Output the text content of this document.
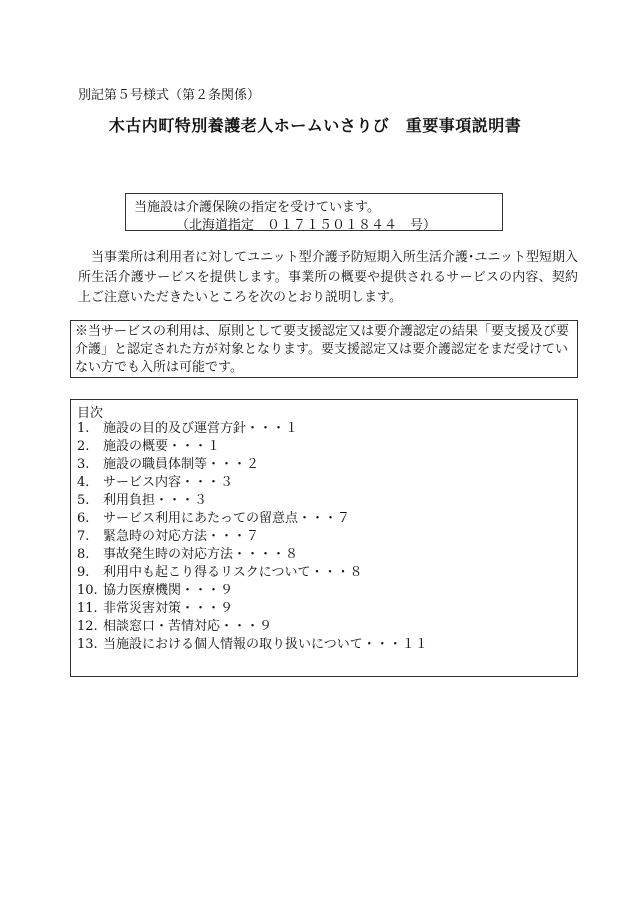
別記第５号様式（第２条関係）
木古内町特別養護老人ホームいさりび　重要事項説明書
当施設は介護保険の指定を受けています。
（北海道指定　０１７１５０１８４４　号）
当事業所は利用者に対してユニット型介護予防短期入所生活介護･ユニット型短期入所生活介護サービスを提供します。事業所の概要や提供されるサービスの内容、契約上ご注意いただきたいところを次のとおり説明します。
※当サービスの利用は、原則として要支援認定又は要介護認定の結果「要支援及び要介護」と認定された方が対象となります。要支援認定又は要介護認定をまだ受けていない方でも入所は可能です。
目次
1.	施設の目的及び運営方針・・・１
2.	施設の概要・・・１
3.	施設の職員体制等・・・２
4.	サービス内容・・・３
5.	利用負担・・・３
6.	サービス利用にあたっての留意点・・・７
7.	緊急時の対応方法・・・７
8.	事故発生時の対応方法・・・・８
9.	利用中も起こり得るリスクについて・・・８
10. 協力医療機関・・・９
11. 非常災害対策・・・９
12. 相談窓口・苦情対応・・・９
13. 当施設における個人情報の取り扱いについて・・・１１
